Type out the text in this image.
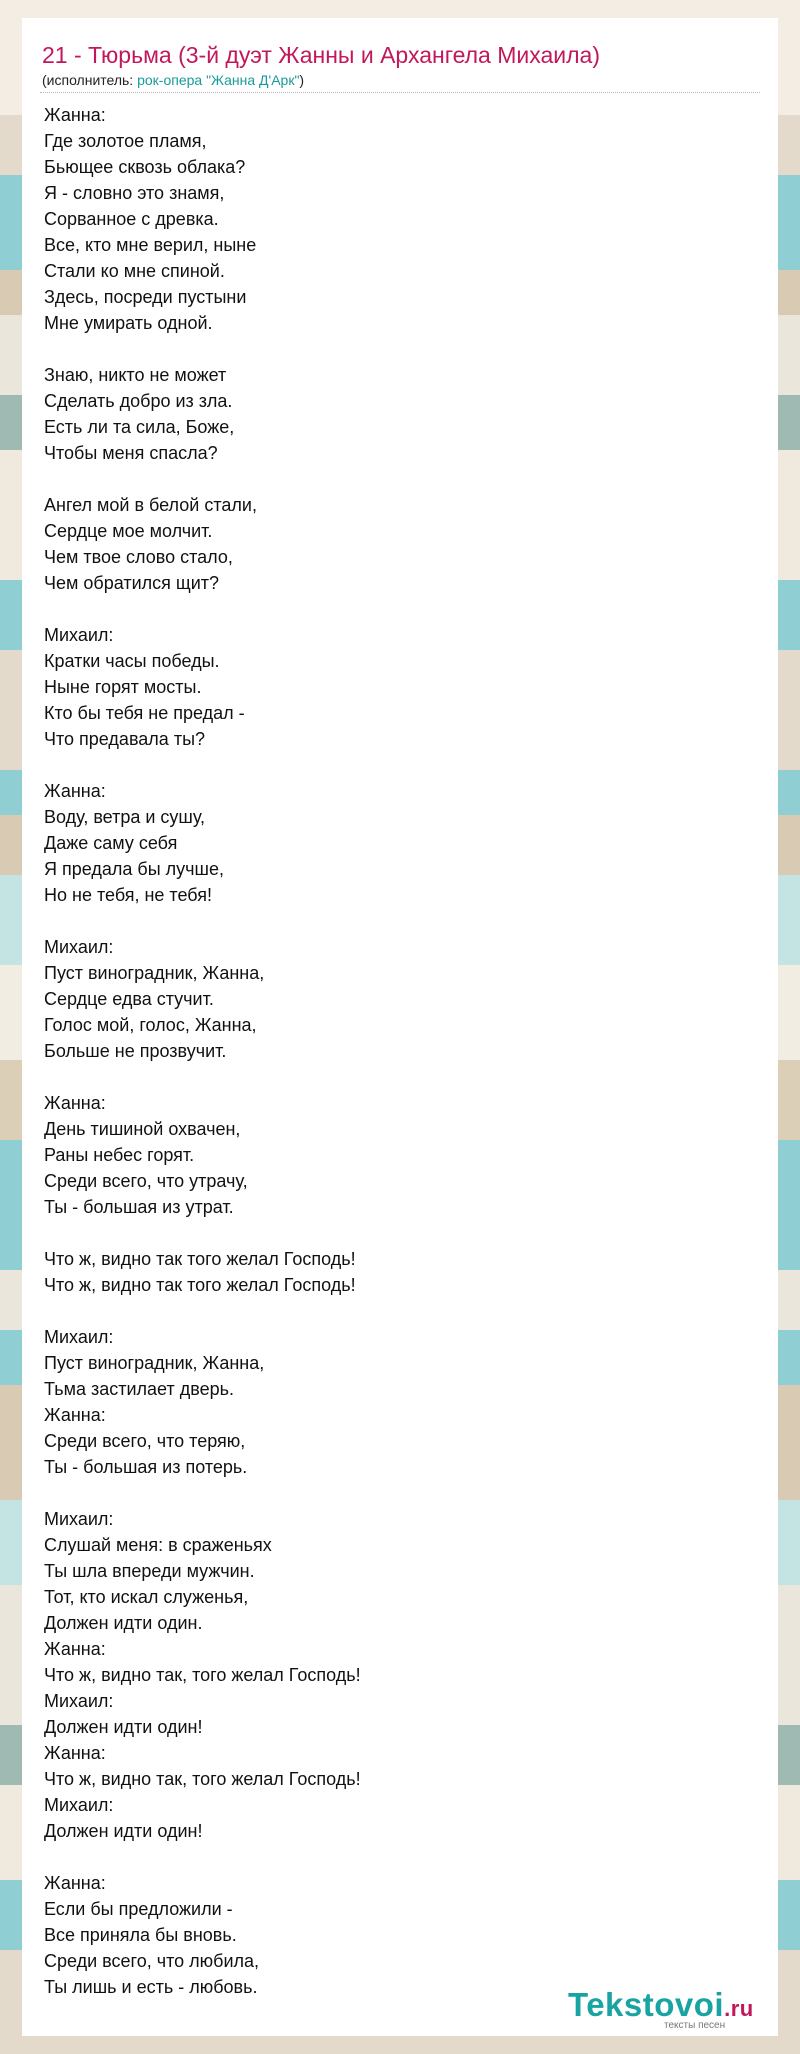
21 - Тюрьма (3-й дуэт Жанны и Архангела Михаила)

(исполнитель: рок-опера "Жанна Д'Арк")

Жанна:
Где золотое пламя,
Бьющее сквозь облака?
Я - словно это знамя,
Сорванное с древка.
Все, кто мне верил, ныне
Стали ко мне спиной.
Здесь, посреди пустыни
Мне умирать одной.
Знаю, никто не может
Сделать добро из зла.
Есть ли та сила, Боже,
Чтобы меня спасла?
Ангел мой в белой стали,
Сердце мое молчит.
Чем твое слово стало,
Чем обратился щит?
Михаил:
Кратки часы победы.
Ныне горят мосты.
Кто бы тебя не предал -
Что предавала ты?
Жанна:
Воду, ветра и сушу,
Даже саму себя
Я предала бы лучше,
Но не тебя, не тебя!
Михаил:
Пуст виноградник, Жанна,
Сердце едва стучит.
Голос мой, голос, Жанна,
Больше не прозвучит.
Жанна:
День тишиной охвачен,
Раны небес горят.
Среди всего, что утрачу,
Ты - большая из утрат.
Что ж, видно так того желал Господь!
Что ж, видно так того желал Господь!
Михаил:
Пуст виноградник, Жанна,
Тьма застилает дверь.
Жанна:
Среди всего, что теряю,
Ты - большая из потерь.
Михаил:
Слушай меня: в сраженьях
Ты шла впереди мужчин.
Тот, кто искал служенья,
Должен идти один.
Жанна:
Что ж, видно так, того желал Господь!
Михаил:
Должен идти один!
Жанна:
Что ж, видно так, того желал Господь!
Михаил:
Должен идти один!
Жанна:
Если бы предложили -
Все приняла бы вновь.
Среди всего, что любила,
Ты лишь и есть - любовь.	Tekstovoi.ru
тексты песен
